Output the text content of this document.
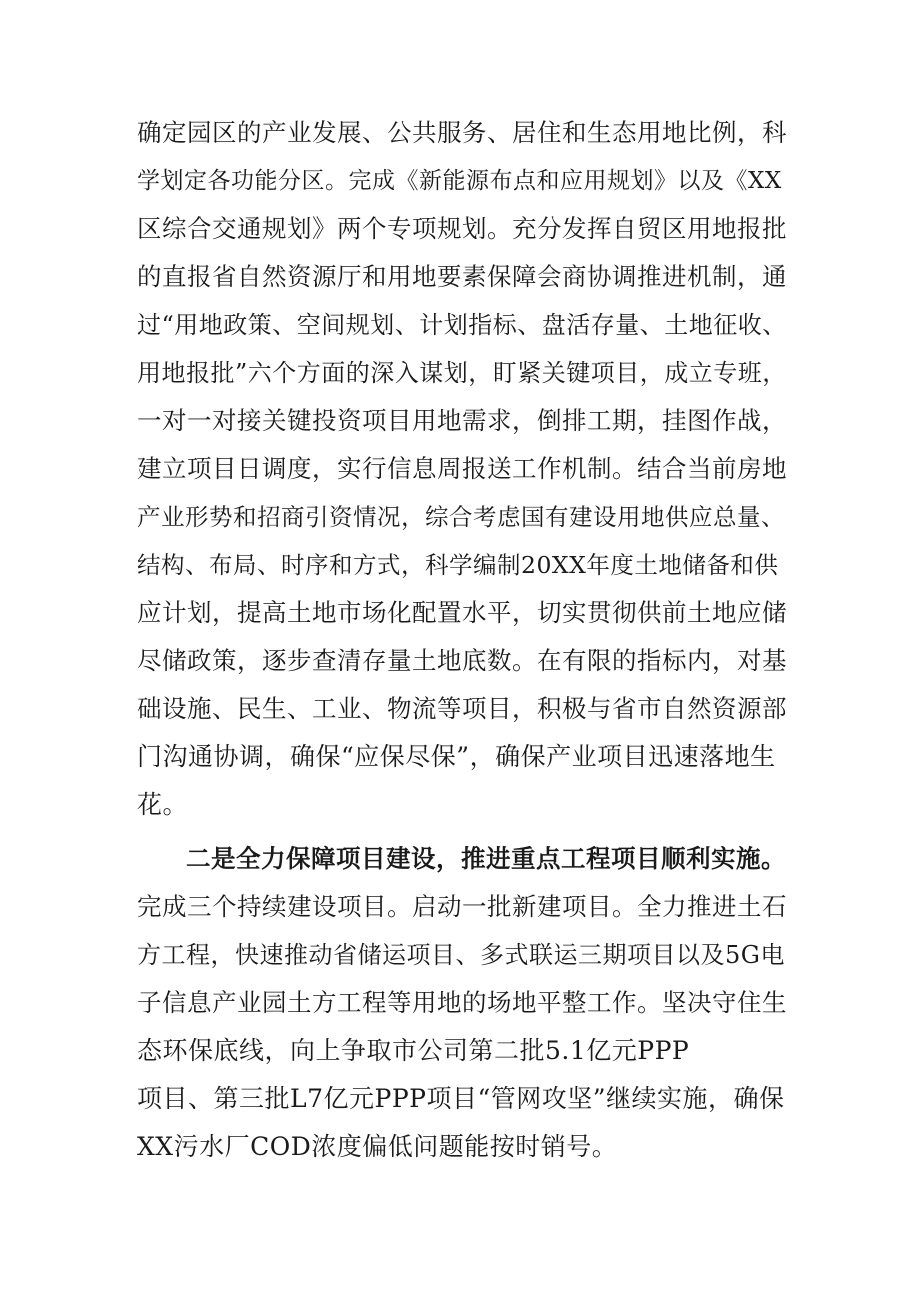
确定园区的产业发展、公共服务、居住和生态用地比例，科
学划定各功能分区。完成《新能源布点和应用规划》以及《XX
区综合交通规划》两个专项规划。充分发挥自贸区用地报批
的直报省自然资源厅和用地要素保障会商协调推进机制，通
过“用地政策、空间规划、计划指标、盘活存量、土地征收、
用地报批”六个方面的深入谋划，盯紧关键项目，成立专班，
一对一对接关键投资项目用地需求，倒排工期，挂图作战，
建立项目日调度，实行信息周报送工作机制。结合当前房地
产业形势和招商引资情况，综合考虑国有建设用地供应总量、
结构、布局、时序和方式，科学编制20XX年度土地储备和供
应计划，提高土地市场化配置水平，切实贯彻供前土地应储
尽储政策，逐步查清存量土地底数。在有限的指标内，对基
础设施、民生、工业、物流等项目，积极与省市自然资源部
门沟通协调，确保“应保尽保”，确保产业项目迅速落地生
花。
二是全力保障项目建设，推进重点工程项目顺利实施。
完成三个持续建设项目。启动一批新建项目。全力推进土石
方工程，快速推动省储运项目、多式联运三期项目以及5G电
子信息产业园土方工程等用地的场地平整工作。坚决守住生
态环保底线，向上争取市公司第二批5.1亿元PPP
项目、第三批L7亿元PPP项目“管网攻坚”继续实施，确保
XX污水厂COD浓度偏低问题能按时销号。
